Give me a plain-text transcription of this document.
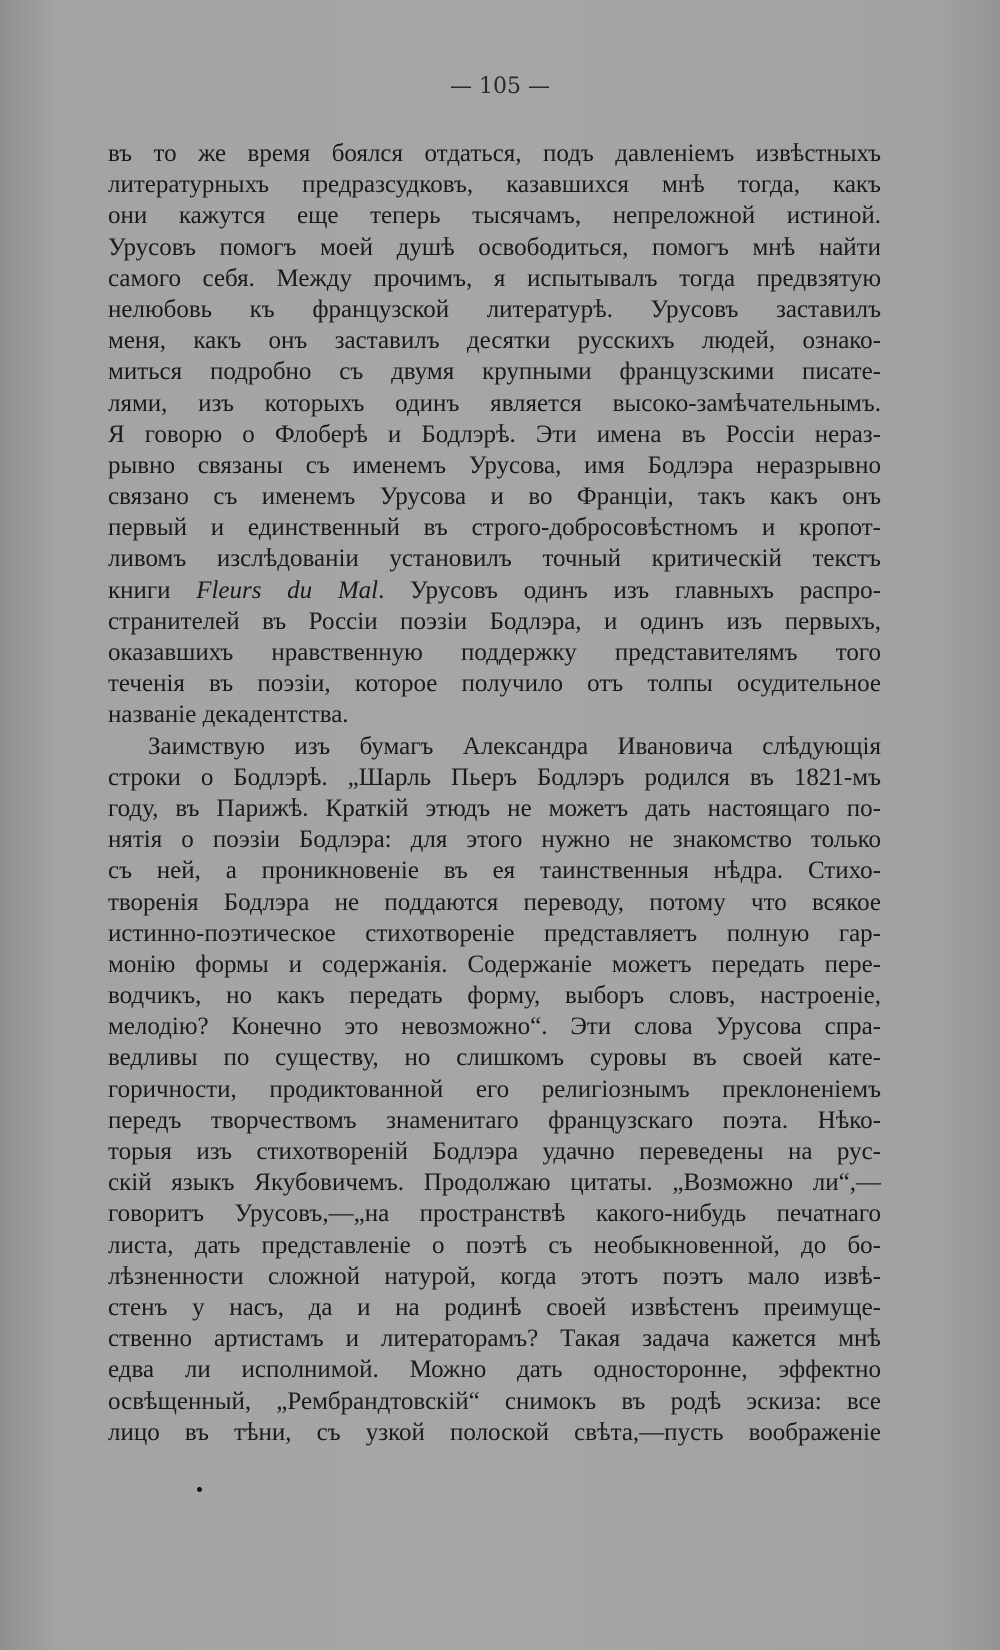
— 105 —
въ то же время боялся отдаться, подъ давленіемъ извѣстныхъ
литературныхъ предразсудковъ, казавшихся мнѣ тогда, какъ
они кажутся еще теперь тысячамъ, непреложной истиной.
Урусовъ помогъ моей душѣ освободиться, помогъ мнѣ найти
самого себя. Между прочимъ, я испытывалъ тогда предвзятую
нелюбовь къ французской литературѣ. Урусовъ заставилъ
меня, какъ онъ заставилъ десятки русскихъ людей, ознако-
миться подробно съ двумя крупными французскими писате-
лями, изъ которыхъ одинъ является высоко-замѣчательнымъ.
Я говорю о Флоберѣ и Бодлэрѣ. Эти имена въ Россіи нераз-
рывно связаны съ именемъ Урусова, имя Бодлэра неразрывно
связано съ именемъ Урусова и во Франціи, такъ какъ онъ
первый и единственный въ строго-добросовѣстномъ и кропот-
ливомъ изслѣдованіи установилъ точный критическій текстъ
книги Fleurs du Mal. Урусовъ одинъ изъ главныхъ распро-
странителей въ Россіи поэзіи Бодлэра, и одинъ изъ первыхъ,
оказавшихъ нравственную поддержку представителямъ того
теченія въ поэзіи, которое получило отъ толпы осудительное
названіе декадентства.
Заимствую изъ бумагъ Александра Ивановича слѣдующія
строки о Бодлэрѣ. „Шарль Пьеръ Бодлэръ родился въ 1821-мъ
году, въ Парижѣ. Краткій этюдъ не можетъ дать настоящаго по-
нятія о поэзіи Бодлэра: для этого нужно не знакомство только
съ ней, а проникновеніе въ ея таинственныя нѣдра. Стихо-
творенія Бодлэра не поддаются переводу, потому что всякое
истинно-поэтическое стихотвореніе представляетъ полную гар-
монію формы и содержанія. Содержаніе можетъ передать пере-
водчикъ, но какъ передать форму, выборъ словъ, настроеніе,
мелодію? Конечно это невозможно“. Эти слова Урусова спра-
ведливы по существу, но слишкомъ суровы въ своей кате-
горичности, продиктованной его религіознымъ преклоненіемъ
передъ творчествомъ знаменитаго французскаго поэта. Нѣко-
торыя изъ стихотвореній Бодлэра удачно переведены на рус-
скій языкъ Якубовичемъ. Продолжаю цитаты. „Возможно ли“,—
говоритъ Урусовъ,—„на пространствѣ какого-нибудь печатнаго
листа, дать представленіе о поэтѣ съ необыкновенной, до бо-
лѣзненности сложной натурой, когда этотъ поэтъ мало извѣ-
стенъ у насъ, да и на родинѣ своей извѣстенъ преимуще-
ственно артистамъ и литераторамъ? Такая задача кажется мнѣ
едва ли исполнимой. Можно дать односторонне, эффектно
освѣщенный, „Рембрандтовскій“ снимокъ въ родѣ эскиза: все
лицо въ тѣни, съ узкой полоской свѣта,—пусть воображеніе
